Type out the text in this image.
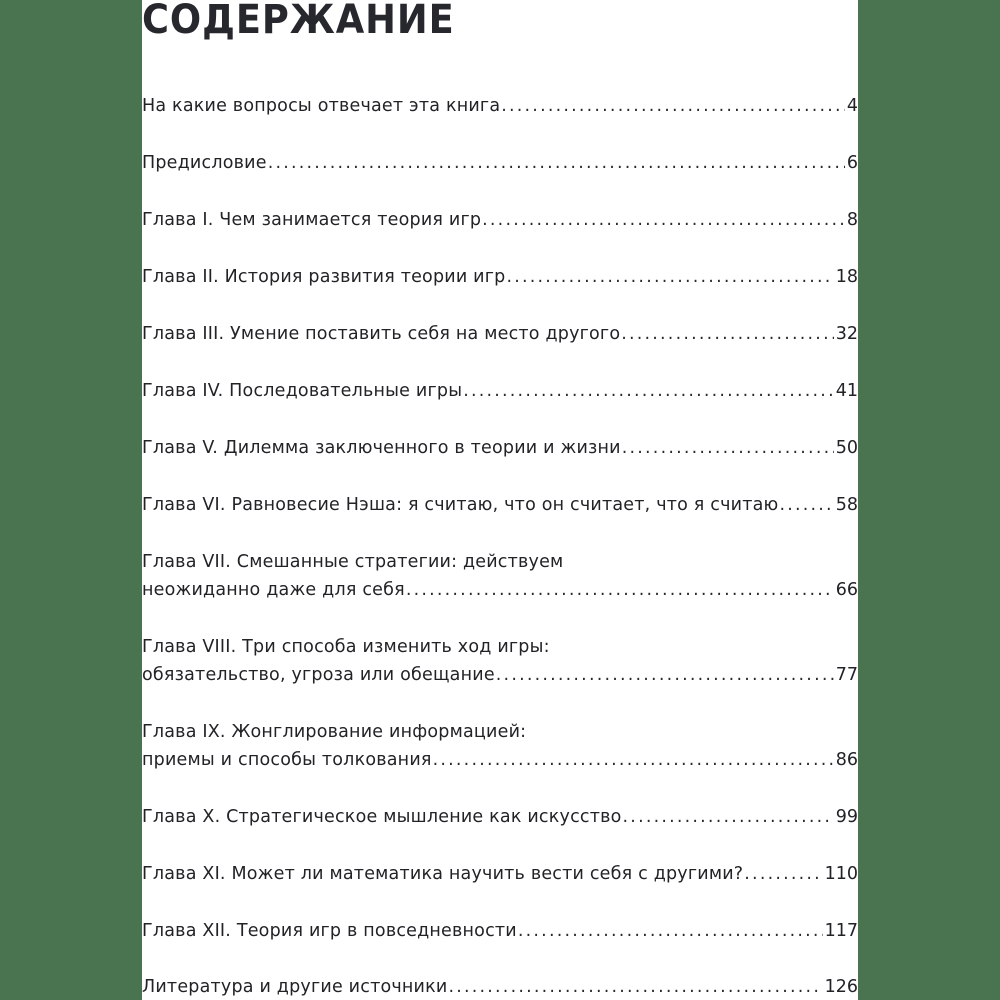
СОДЕРЖАНИЕ
На какие вопросы отвечает эта книга .....	4
Предисловие .....	6
Глава I. Чем занимается теория игр .....	8
Глава II. История развития теории игр .....	18
Глава III. Умение поставить себя на место другого .....	32
Глава IV. Последовательные игры .....	41
Глава V. Дилемма заключенного в теории и жизни .....	50
Глава VI. Равновесие Нэша: я считаю, что он считает, что я считаю .....	58
Глава VII. Смешанные стратегии: действуем
неожиданно даже для себя .....	66
Глава VIII. Три способа изменить ход игры:
обязательство, угроза или обещание .....	77
Глава IX. Жонглирование информацией:
приемы и способы толкования .....	86
Глава X. Стратегическое мышление как искусство .....	99
Глава XI. Может ли математика научить вести себя с другими? .....	110
Глава XII. Теория игр в повседневности .....	117
Литература и другие источники .....	126
